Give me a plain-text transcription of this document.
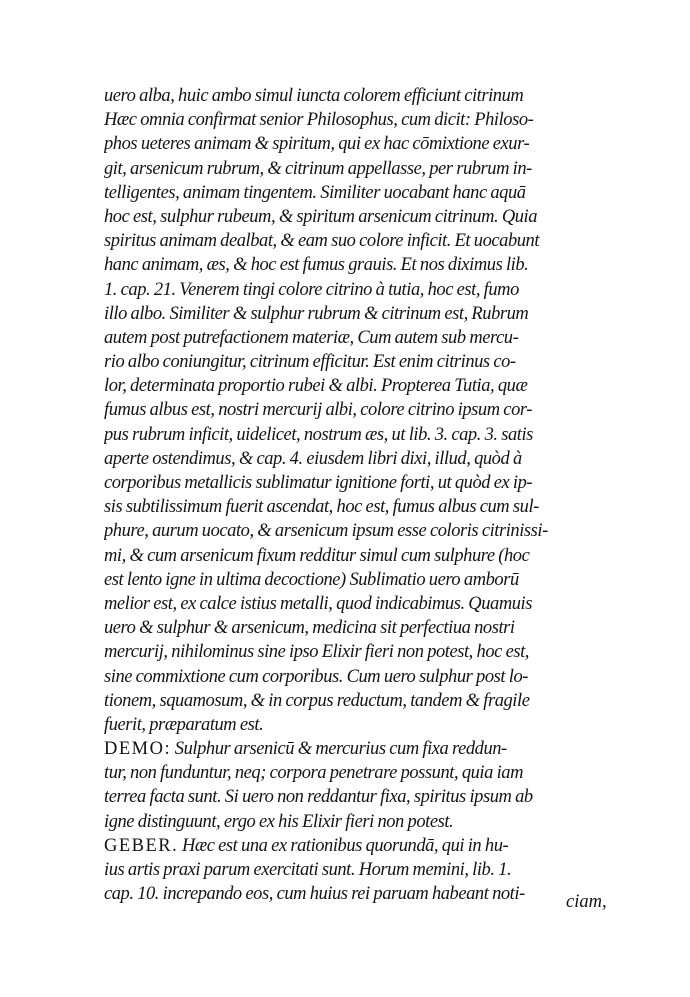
uero alba, huic ambo simul iuncta colorem efficiunt citrinum
Hæc omnia confirmat senior Philosophus, cum dicit: Philoso-
phos ueteres animam & spiritum, qui ex hac cōmixtione exur-
git, arsenicum rubrum, & citrinum appellasse, per rubrum in-
telligentes, animam tingentem. Similiter uocabant hanc aquā
hoc est, sulphur rubeum, & spiritum arsenicum citrinum. Quia
spiritus animam dealbat, & eam suo colore inficit. Et uocabunt
hanc animam, æs, & hoc est fumus grauis. Et nos diximus lib.
1. cap. 21. Venerem tingi colore citrino à tutia, hoc est, fumo
illo albo. Similiter & sulphur rubrum & citrinum est, Rubrum
autem post putrefactionem materiæ, Cum autem sub mercu-
rio albo coniungitur, citrinum efficitur. Est enim citrinus co-
lor, determinata proportio rubei & albi. Propterea Tutia, quæ
fumus albus est, nostri mercurij albi, colore citrino ipsum cor-
pus rubrum inficit, uidelicet, nostrum æs, ut lib. 3. cap. 3. satis
aperte ostendimus, & cap. 4. eiusdem libri dixi, illud, quòd à
corporibus metallicis sublimatur ignitione forti, ut quòd ex ip-
sis subtilissimum fuerit ascendat, hoc est, fumus albus cum sul-
phure, aurum uocato, & arsenicum ipsum esse coloris citrinissi-
mi, & cum arsenicum fixum redditur simul cum sulphure (hoc
est lento igne in ultima decoctione) Sublimatio uero amborū
melior est, ex calce istius metalli, quod indicabimus. Quamuis
uero & sulphur & arsenicum, medicina sit perfectiua nostri
mercurij, nihilominus sine ipso Elixir fieri non potest, hoc est,
sine commixtione cum corporibus. Cum uero sulphur post lo-
tionem, squamosum, & in corpus reductum, tandem & fragile
fuerit, præparatum est.
DEMO: Sulphur arsenicū & mercurius cum fixa reddun-
tur, non funduntur, neq; corpora penetrare possunt, quia iam
terrea facta sunt. Si uero non reddantur fixa, spiritus ipsum ab
igne distinguunt, ergo ex his Elixir fieri non potest.
GEBER. Hæc est una ex rationibus quorundā, qui in hu-
ius artis praxi parum exercitati sunt. Horum memini, lib. 1.
cap. 10. increpando eos, cum huius rei paruam habeant noti-	ciam,
